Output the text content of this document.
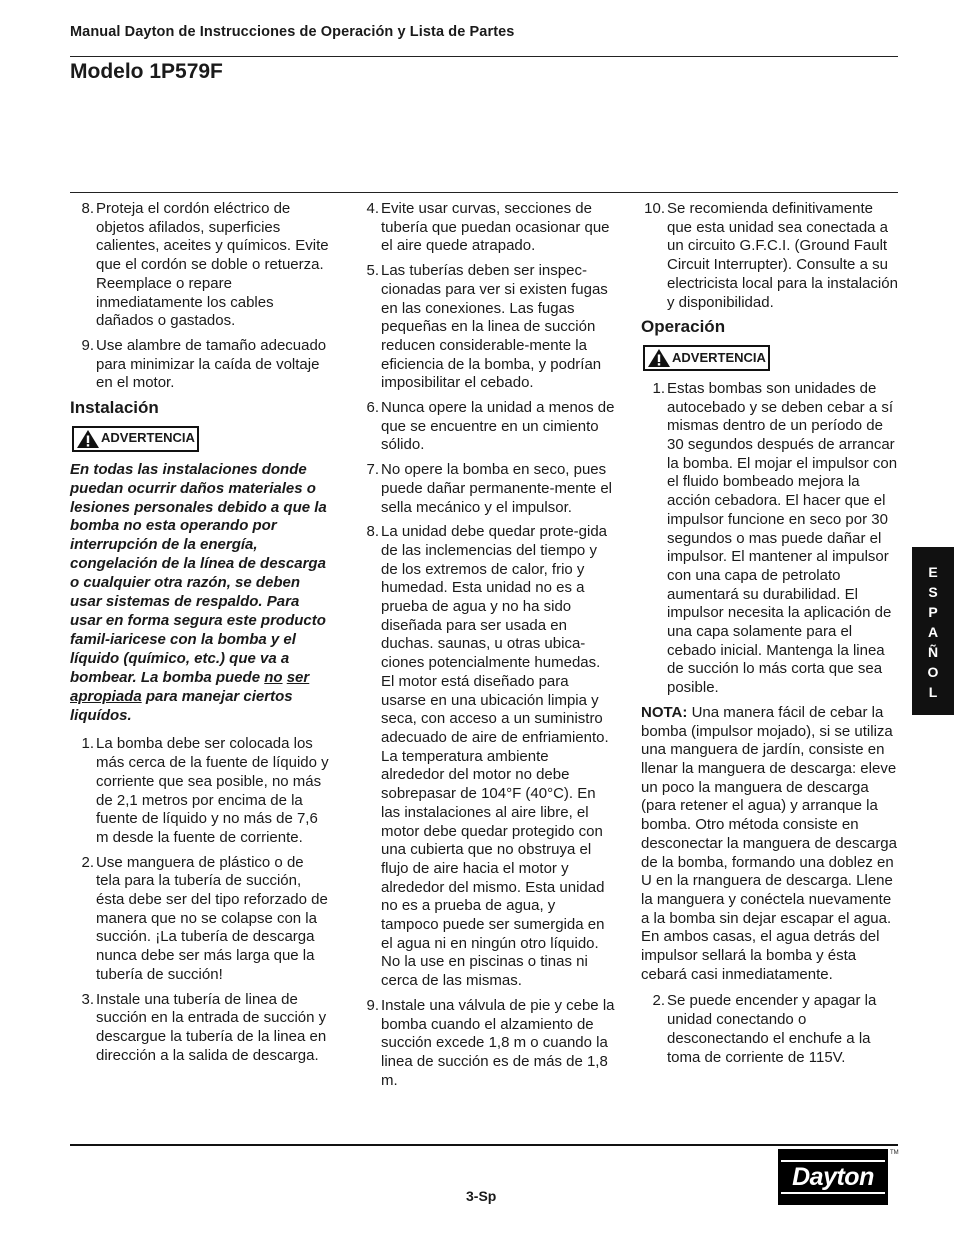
Manual Dayton de Instrucciones de Operación y Lista de Partes
Modelo 1P579F
8. Proteja el cordón eléctrico de objetos afilados, superficies calientes, aceites y químicos. Evite que el cordón se doble o retuerza. Reemplace o repare inmediatamente los cables dañados o gastados.
9. Use alambre de tamaño adecuado para minimizar la caída de voltaje en el motor.
Instalación
ADVERTENCIA
En todas las instalaciones donde puedan ocurrir daños materiales o lesiones personales debido a que la bomba no esta operando por interrupción de la energía, congelación de la línea de descarga o cualquier otra razón, se deben usar sistemas de respaldo. Para usar en forma segura este producto famil-iaricese con la bomba y el líquido (químico, etc.) que va a bombear. La bomba puede no ser apropiada para manejar ciertos liquídos.
1. La bomba debe ser colocada los más cerca de la fuente de líquido y corriente que sea posible, no más de 2,1 metros por encima de la fuente de líquido y no más de 7,6 m desde la fuente de corriente.
2. Use manguera de plástico o de tela para la tubería de succión, ésta debe ser del tipo reforzado de manera que no se colapse con la succión. ¡La tubería de descarga nunca debe ser más larga que la tubería de succión!
3. Instale una tubería de linea de succión en la entrada de succión y descargue la tubería de la linea en dirección a la salida de descarga.
4. Evite usar curvas, secciones de tubería que puedan ocasionar que el aire quede atrapado.
5. Las tuberías deben ser inspec-cionadas para ver si existen fugas en las conexiones. Las fugas pequeñas en la linea de succión reducen considerable-mente la eficiencia de la bomba, y podrían imposibilitar el cebado.
6. Nunca opere la unidad a menos de que se encuentre en un cimiento sólido.
7. No opere la bomba en seco, pues puede dañar permanente-mente el sella mecánico y el impulsor.
8. La unidad debe quedar prote-gida de las inclemencias del tiempo y de los extremos de calor, frio y humedad. Esta unidad no es a prueba de agua y no ha sido diseñada para ser usada en duchas. saunas, u otras ubica-ciones potencialmente humedas. El motor está diseñado para usarse en una ubicación limpia y seca, con acceso a un suministro adecuado de aire de enfriamiento. La temperatura ambiente alrededor del motor no debe sobrepasar de 104°F (40°C). En las instalaciones al aire libre, el motor debe quedar protegido con una cubierta que no obstruya el flujo de aire hacia el motor y alrededor del mismo. Esta unidad no es a prueba de agua, y tampoco puede ser sumergida en el agua ni en ningún otro líquido. No la use en piscinas o tinas ni cerca de las mismas.
9. Instale una válvula de pie y cebe la bomba cuando el alzamiento de succión excede 1,8 m o cuando la linea de succión es de más de 1,8 m.
10. Se recomienda definitivamente que esta unidad sea conectada a un circuito G.F.C.I. (Ground Fault Circuit Interrupter). Consulte a su electricista local para la instalación y disponibilidad.
Operación
ADVERTENCIA
1. Estas bombas son unidades de autocebado y se deben cebar a sí mismas dentro de un período de 30 segundos después de arrancar la bomba. El mojar el impulsor con el fluido bombeado mejora la acción cebadora. El hacer que el impulsor funcione en seco por 30 segundos o mas puede dañar el impulsor. El mantener al impulsor con una capa de petrolato aumentará su durabilidad. El impulsor necesita la aplicación de una capa solamente para el cebado inicial. Mantenga la linea de succión lo más corta que sea posible.
NOTA: Una manera fácil de cebar la bomba (impulsor mojado), si se utiliza una manguera de jardín, consiste en llenar la manguera de descarga: eleve un poco la manguera de descarga (para retener el agua) y arranque la bomba. Otro métoda consiste en desconectar la manguera de descarga de la bomba, formando una doblez en U en la rnanguera de descarga. Llene la manguera y conéctela nuevamente a la bomba sin dejar escapar el agua. En ambos casas, el agua detrás del impulsor sellará la bomba y ésta cebará casi inmediatamente.
2. Se puede encender y apagar la unidad conectando o desconectando el enchufe a la toma de corriente de 115V.
E
S
P
A
Ñ
O
L
3-Sp
Dayton
TM
